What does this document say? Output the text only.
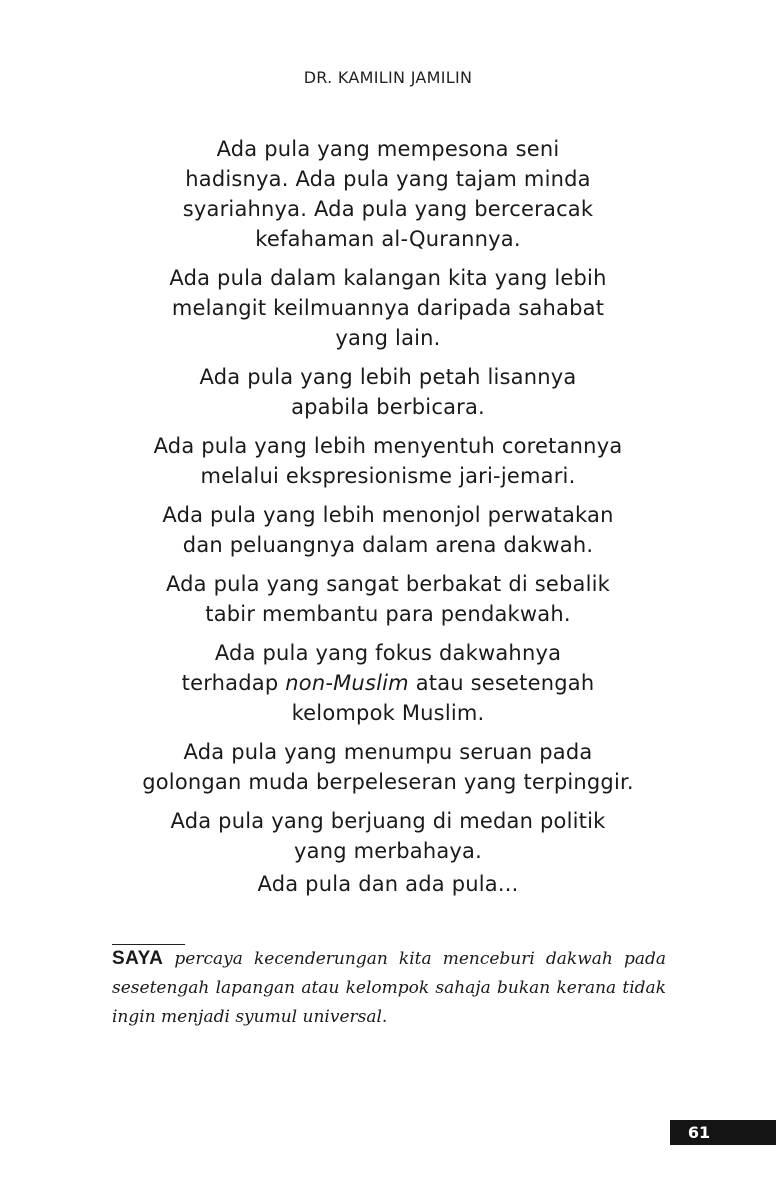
DR. KAMILIN JAMILIN
Ada pula yang mempesona seni
hadisnya. Ada pula yang tajam minda
syariahnya. Ada pula yang berceracak
kefahaman al-Qurannya.
Ada pula dalam kalangan kita yang lebih
melangit keilmuannya daripada sahabat
yang lain.
Ada pula yang lebih petah lisannya
apabila berbicara.
Ada pula yang lebih menyentuh coretannya
melalui ekspresionisme jari-jemari.
Ada pula yang lebih menonjol perwatakan
dan peluangnya dalam arena dakwah.
Ada pula yang sangat berbakat di sebalik
tabir membantu para pendakwah.
Ada pula yang fokus dakwahnya
terhadap non-Muslim atau sesetengah
kelompok Muslim.
Ada pula yang menumpu seruan pada
golongan muda berpeleseran yang terpinggir.
Ada pula yang berjuang di medan politik
yang merbahaya.
Ada pula dan ada pula...
SAYA percaya kecenderungan kita menceburi dakwah pada
sesetengah lapangan atau kelompok sahaja bukan kerana tidak
ingin menjadi syumul universal.
61
